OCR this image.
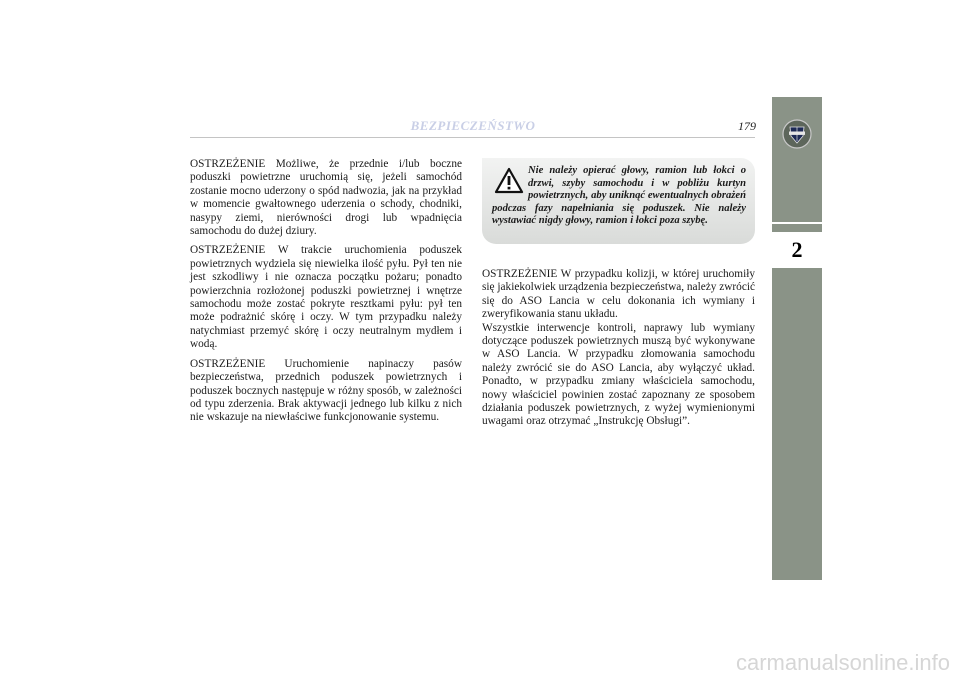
BEZPIECZEŃSTWO	179
2

OSTRZEŻENIE Możliwe, że przednie i/lub boczne poduszki powietrzne uruchomią się, jeżeli samochód zostanie mocno uderzony o spód nadwozia, jak na przykład w momencie gwałtownego uderzenia o schody, chodniki, nasypy ziemi, nierówności drogi lub wpadnięcia samochodu do dużej dziury.

OSTRZEŻENIE W trakcie uruchomienia poduszek powietrznych wydziela się niewielka ilość pyłu. Pył ten nie jest szkodliwy i nie oznacza początku pożaru; ponadto powierzchnia rozłożonej poduszki powietrznej i wnętrze samochodu może zostać pokryte resztkami pyłu: pył ten może podrażnić skórę i oczy. W tym przypadku należy natychmiast przemyć skórę i oczy neutralnym mydłem i wodą.

OSTRZEŻENIE Uruchomienie napinaczy pasów bezpieczeństwa, przednich poduszek powietrznych i poduszek bocznych następuje w różny sposób, w zależności od typu zderzenia. Brak aktywacji jednego lub kilku z nich nie wskazuje na niewłaściwe funkcjonowanie systemu.

Nie należy opierać głowy, ramion lub łokci o drzwi, szyby samochodu i w pobliżu kurtyn powietrznych, aby uniknąć ewentualnych obrażeń podczas fazy napełniania się poduszek. Nie należy wystawiać nigdy głowy, ramion i łokci poza szybę.

OSTRZEŻENIE W przypadku kolizji, w której uruchomiły się jakiekolwiek urządzenia bezpieczeństwa, należy zwrócić się do ASO Lancia w celu dokonania ich wymiany i zweryfikowania stanu układu.

Wszystkie interwencje kontroli, naprawy lub wymiany dotyczące poduszek powietrznych muszą być wykonywane w ASO Lancia. W przypadku złomowania samochodu należy zwrócić sie do ASO Lancia, aby wyłączyć układ. Ponadto, w przypadku zmiany właściciela samochodu, nowy właściciel powinien zostać zapoznany ze sposobem działania poduszek powietrznych, z wyżej wymienionymi uwagami oraz otrzymać „Instrukcję Obsługi”.

carmanualsonline.info
